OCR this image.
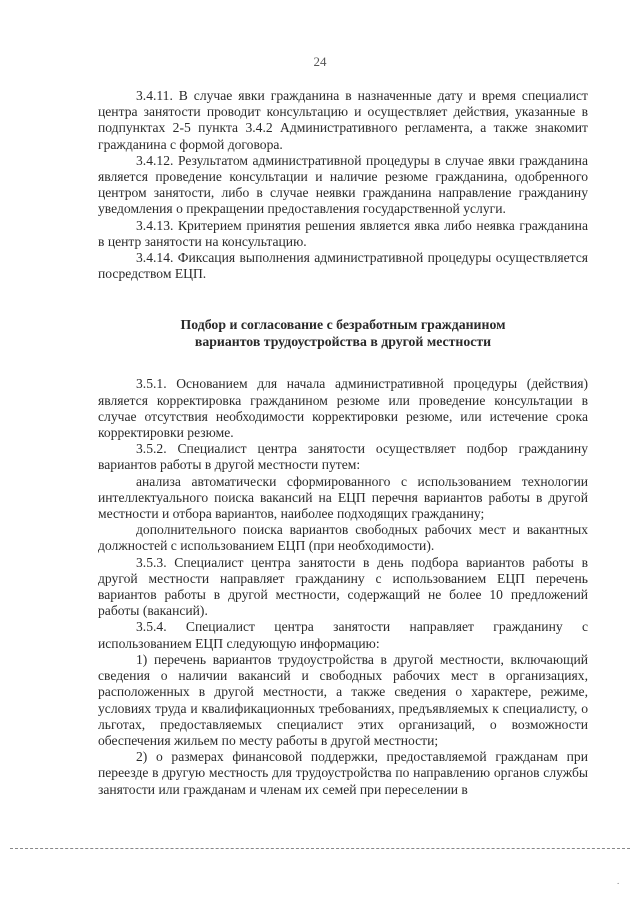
24

3.4.11. В случае явки гражданина в назначенные дату и время специалист центра занятости проводит консультацию и осуществляет действия, указанные в подпунктах 2-5 пункта 3.4.2 Административного регламента, а также знакомит гражданина с формой договора.

3.4.12. Результатом административной процедуры в случае явки гражданина является проведение консультации и наличие резюме гражданина, одобренного центром занятости, либо в случае неявки гражданина направление гражданину уведомления о прекращении предоставления государственной услуги.

3.4.13. Критерием принятия решения является явка либо неявка гражданина в центр занятости на консультацию.

3.4.14. Фиксация выполнения административной процедуры осуществляется посредством ЕЦП.

Подбор и согласование с безработным гражданином
вариантов трудоустройства в другой местности

3.5.1. Основанием для начала административной процедуры (действия) является корректировка гражданином резюме или проведение консультации в случае отсутствия необходимости корректировки резюме, или истечение срока корректировки резюме.

3.5.2. Специалист центра занятости осуществляет подбор гражданину вариантов работы в другой местности путем:

анализа автоматически сформированного с использованием технологии интеллектуального поиска вакансий на ЕЦП перечня вариантов работы в другой местности и отбора вариантов, наиболее подходящих гражданину;

дополнительного поиска вариантов свободных рабочих мест и вакантных должностей с использованием ЕЦП (при необходимости).

3.5.3. Специалист центра занятости в день подбора вариантов работы в другой местности направляет гражданину с использованием ЕЦП перечень вариантов работы в другой местности, содержащий не более 10 предложений работы (вакансий).

3.5.4. Специалист центра занятости направляет гражданину с использованием ЕЦП следующую информацию:

1) перечень вариантов трудоустройства в другой местности, включающий сведения о наличии вакансий и свободных рабочих мест в организациях, расположенных в другой местности, а также сведения о характере, режиме, условиях труда и квалификационных требованиях, предъявляемых к специалисту, о льготах, предоставляемых специалист этих организаций, о возможности обеспечения жильем по месту работы в другой местности;

2) о размерах финансовой поддержки, предоставляемой гражданам при переезде в другую местность для трудоустройства по направлению органов службы занятости или гражданам и членам их семей при переселении в

.
